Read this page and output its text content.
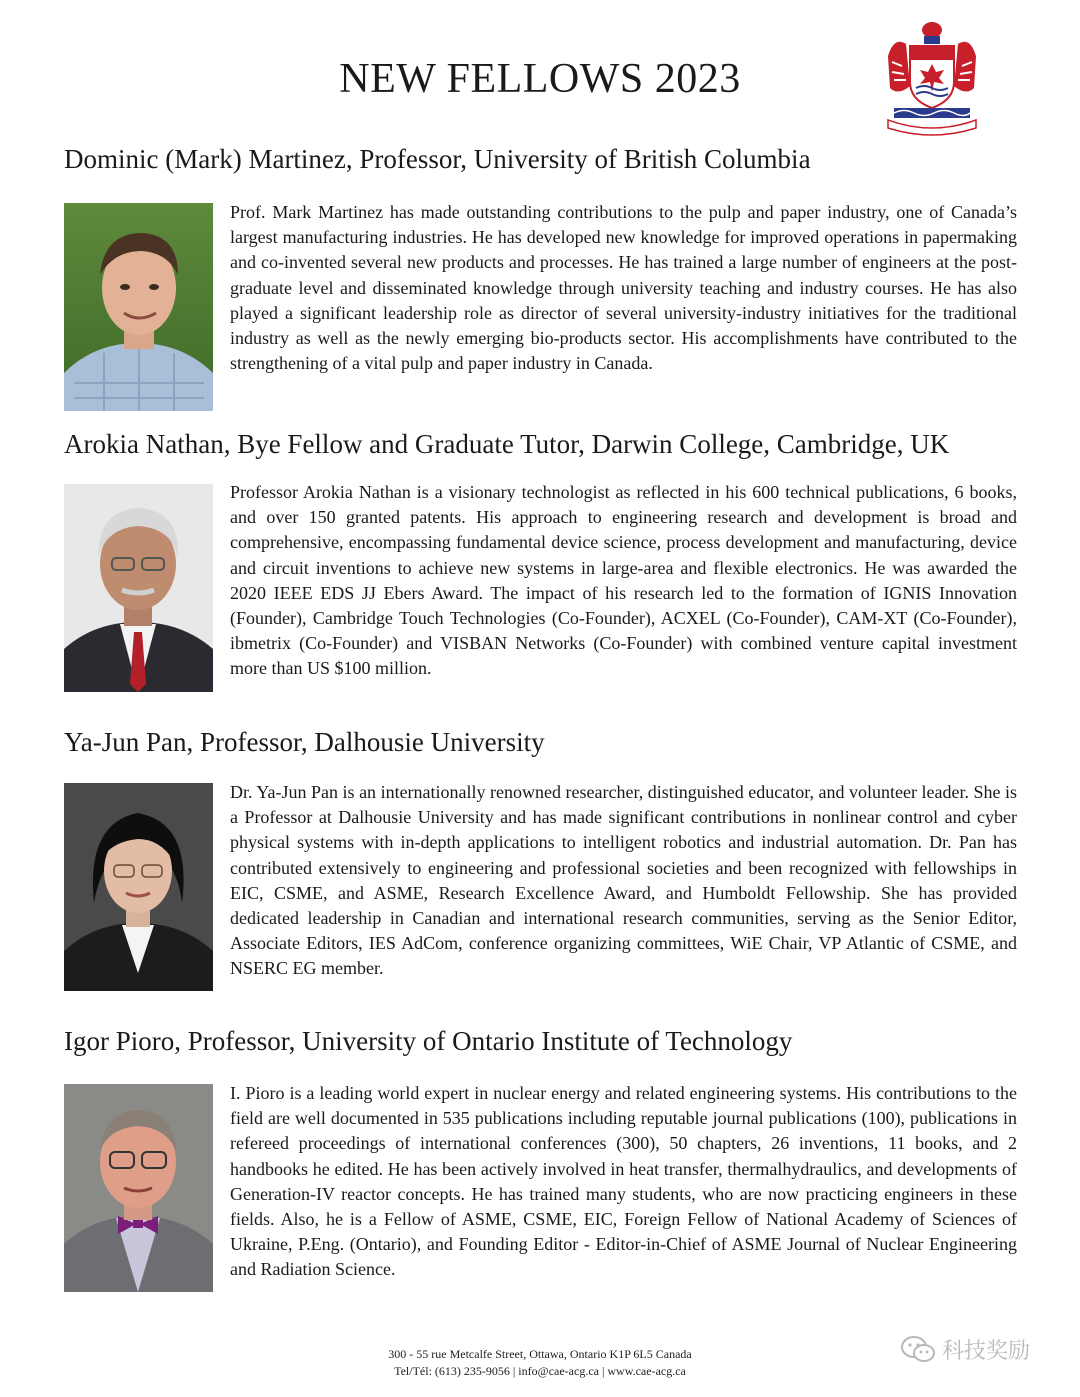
NEW FELLOWS 2023
Dominic (Mark) Martinez, Professor, University of British Columbia
Prof. Mark Martinez has made outstanding contributions to the pulp and paper industry, one of Canada’s largest manufacturing industries. He has developed new knowledge for improved operations in papermaking and co-invented several new products and processes. He has trained a large number of engineers at the post-graduate level and disseminated knowledge through university teaching and industry courses. He has also played a significant leadership role as director of several university-industry initiatives for the traditional industry as well as the newly emerging bio-products sector. His accomplishments have contributed to the strengthening of a vital pulp and paper industry in Canada.
Arokia Nathan, Bye Fellow and Graduate Tutor, Darwin College, Cambridge, UK
Professor Arokia Nathan is a visionary technologist as reflected in his 600 technical publications, 6 books, and over 150 granted patents. His approach to engineering research and development is broad and comprehensive, encompassing fundamental device science, process development and manufacturing, device and circuit inventions to achieve new systems in large-area and flexible electronics. He was awarded the 2020 IEEE EDS JJ Ebers Award. The impact of his research led to the formation of IGNIS Innovation (Founder), Cambridge Touch Technologies (Co-Founder), ACXEL (Co-Founder), CAM-XT (Co-Founder), ibmetrix (Co-Founder) and VISBAN Networks (Co-Founder) with combined venture capital investment more than US $100 million.
Ya-Jun Pan, Professor, Dalhousie University
Dr. Ya-Jun Pan is an internationally renowned researcher, distinguished educator, and volunteer leader. She is a Professor at Dalhousie University and has made significant contributions in nonlinear control and cyber physical systems with in-depth applications to intelligent robotics and industrial automation. Dr. Pan has contributed extensively to engineering and professional societies and been recognized with fellowships in EIC, CSME, and ASME, Research Excellence Award, and Humboldt Fellowship. She has provided dedicated leadership in Canadian and international research communities, serving as the Senior Editor, Associate Editors, IES AdCom, conference organizing committees, WiE Chair, VP Atlantic of CSME, and NSERC EG member.
Igor Pioro, Professor, University of Ontario Institute of Technology
I. Pioro is a leading world expert in nuclear energy and related engineering systems. His contributions to the field are well documented in 535 publications including reputable journal publications (100), publications in refereed proceedings of international conferences (300), 50 chapters, 26 inventions, 11 books, and 2 handbooks he edited. He has been actively involved in heat transfer, thermalhydraulics, and developments of Generation-IV reactor concepts. He has trained many students, who are now practicing engineers in these fields. Also, he is a Fellow of ASME, CSME, EIC, Foreign Fellow of National Academy of Sciences of Ukraine, P.Eng. (Ontario), and Founding Editor - Editor-in-Chief of ASME Journal of Nuclear Engineering and Radiation Science.
300 - 55 rue Metcalfe Street, Ottawa, Ontario K1P 6L5 Canada
Tel/Tél: (613) 235-9056 | info@cae-acg.ca | www.cae-acg.ca
科技奖励
